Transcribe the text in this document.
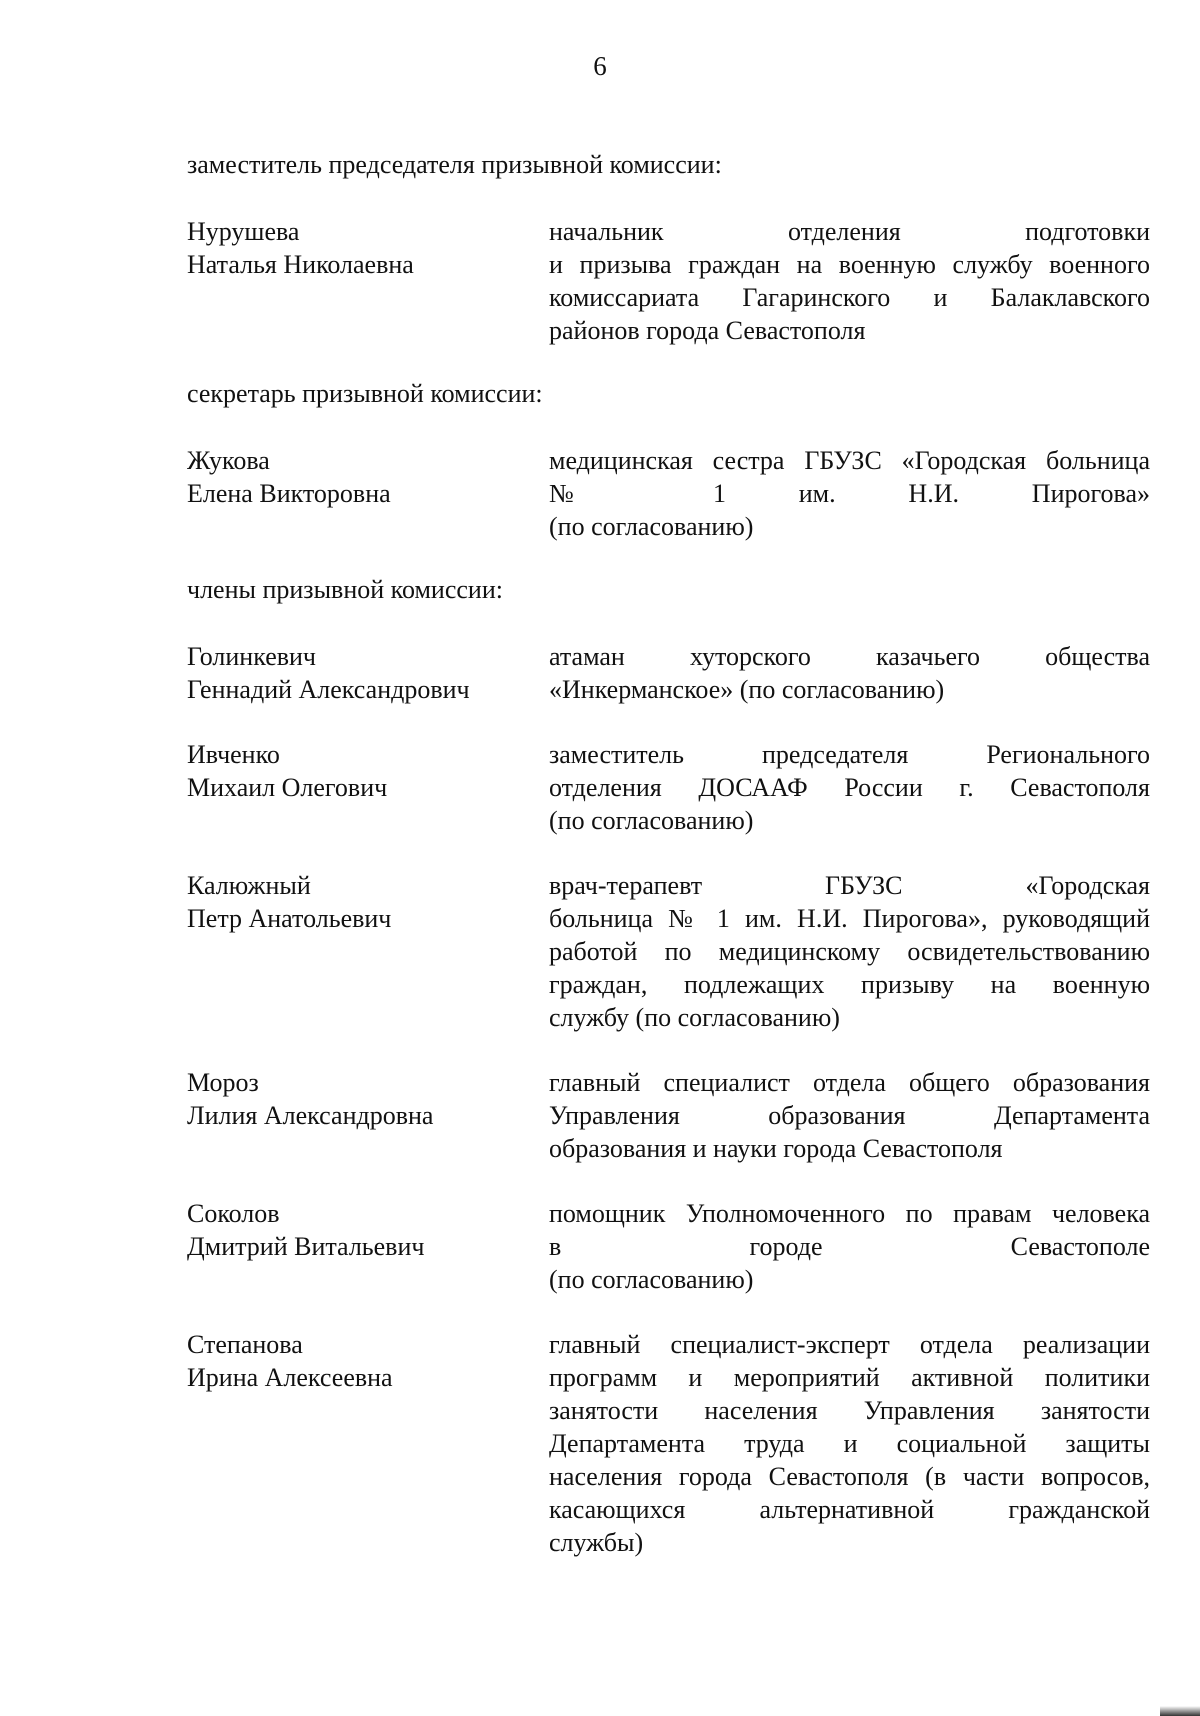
6
заместитель председателя призывной комиссии:
Нурушева
Наталья Николаевна
начальник отделения подготовки
и призыва граждан на военную службу военного
комиссариата Гагаринского и Балаклавского
районов города Севастополя
секретарь призывной комиссии:
Жукова
Елена Викторовна
медицинская сестра ГБУЗС «Городская больница
№ 1 им. Н.И. Пирогова»
(по согласованию)
члены призывной комиссии:
Голинкевич
Геннадий Александрович
атаман хуторского казачьего общества
«Инкерманское» (по согласованию)
Ивченко
Михаил Олегович
заместитель председателя Регионального
отделения ДОСААФ России г. Севастополя
(по согласованию)
Калюжный
Петр Анатольевич
врач-терапевт ГБУЗС «Городская
больница № 1 им. Н.И. Пирогова», руководящий
работой по медицинскому освидетельствованию
граждан, подлежащих призыву на военную
службу (по согласованию)
Мороз
Лилия Александровна
главный специалист отдела общего образования
Управления образования Департамента
образования и науки города Севастополя
Соколов
Дмитрий Витальевич
помощник Уполномоченного по правам человека
в городе Севастополе
(по согласованию)
Степанова
Ирина Алексеевна
главный специалист-эксперт отдела реализации
программ и мероприятий активной политики
занятости населения Управления занятости
Департамента труда и социальной защиты
населения города Севастополя (в части вопросов,
касающихся альтернативной гражданской
службы)
